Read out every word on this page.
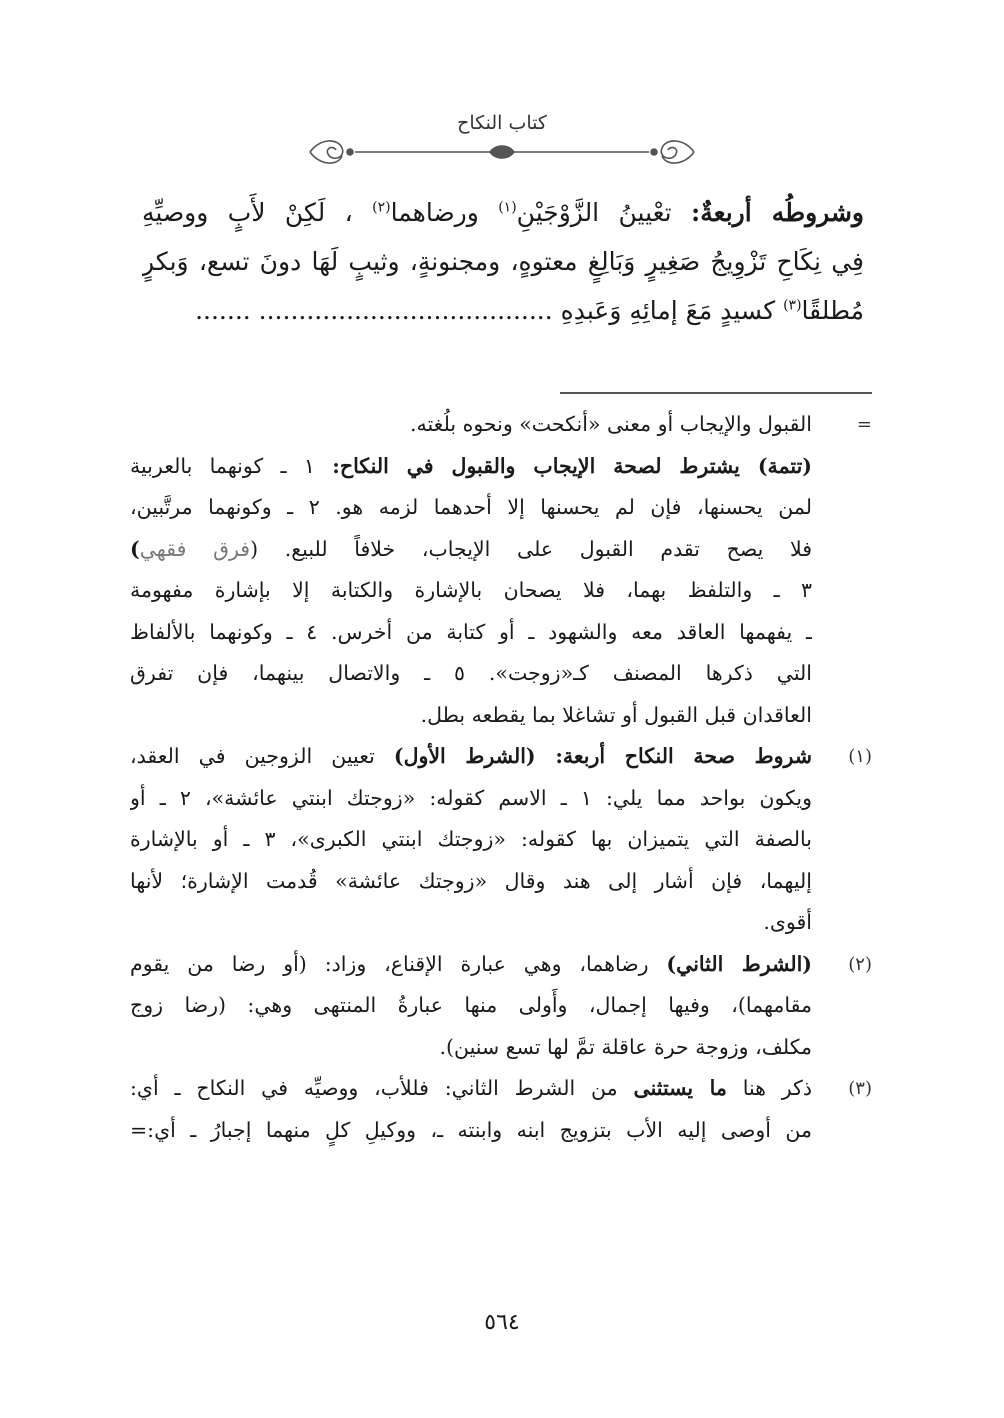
كتاب النكاح
وشروطُه أربعةٌ: تعْيينُ الزَّوْجَيْنِ$^{(١)}$ ورضاهما$^{(٢)}$ ، لَكِنْ لأَبٍ ووصيِّهِ
فِي نِكَاحِ تَزْوِيجُ صَغِيرٍ وَبَالِغٍ معتوهٍ، ومجنونةٍ، وثيبٍ لَهَا دونَ تسع، وَبكرٍ
مُطلقًا$^{(٣)}$ كسيدٍ مَعَ إمائِهِ وَعَبدِهِ ..................................... .......
=
القبول والإيجاب أو معنى «أنكحت» ونحوه بلُغته.
(تتمة) يشترط لصحة الإيجاب والقبول في النكاح: ١ ـ كونهما بالعربية
لمن يحسنها، فإن لم يحسنها إلا أحدهما لزمه هو. ٢ ـ وكونهما مرتَّبين،
فلا يصح تقدم القبول على الإيجاب، خلافاً للبيع. (فرق فقهي)
٣ ـ والتلفظ بهما، فلا يصحان بالإشارة والكتابة إلا بإشارة مفهومة
ـ يفهمها العاقد معه والشهود ـ أو كتابة من أخرس. ٤ ـ وكونهما بالألفاظ
التي ذكرها المصنف كـ«زوجت». ٥ ـ والاتصال بينهما، فإن تفرق
العاقدان قبل القبول أو تشاغلا بما يقطعه بطل.
(١)
شروط صحة النكاح أربعة: (الشرط الأول) تعيين الزوجين في العقد،
ويكون بواحد مما يلي: ١ ـ الاسم كقوله: «زوجتك ابنتي عائشة»، ٢ ـ أو
بالصفة التي يتميزان بها كقوله: «زوجتك ابنتي الكبرى»، ٣ ـ أو بالإشارة
إليهما، فإن أشار إلى هند وقال «زوجتك عائشة» قُدمت الإشارة؛ لأنها
أقوى.
(٢)
(الشرط الثاني) رضاهما، وهي عبارة الإقناع، وزاد: (أو رضا من يقوم
مقامهما)، وفيها إجمال، وأَولى منها عبارةُ المنتهى وهي: (رضا زوج
مكلف، وزوجة حرة عاقلة تمَّ لها تسع سنين).
(٣)
ذكر هنا ما يستثنى من الشرط الثاني: فللأب، ووصيِّه في النكاح ـ أي:
من أوصى إليه الأب بتزويج ابنه وابنته ـ، ووكيلِ كلٍ منهما إجبارُ ـ أي:=
٥٦٤
